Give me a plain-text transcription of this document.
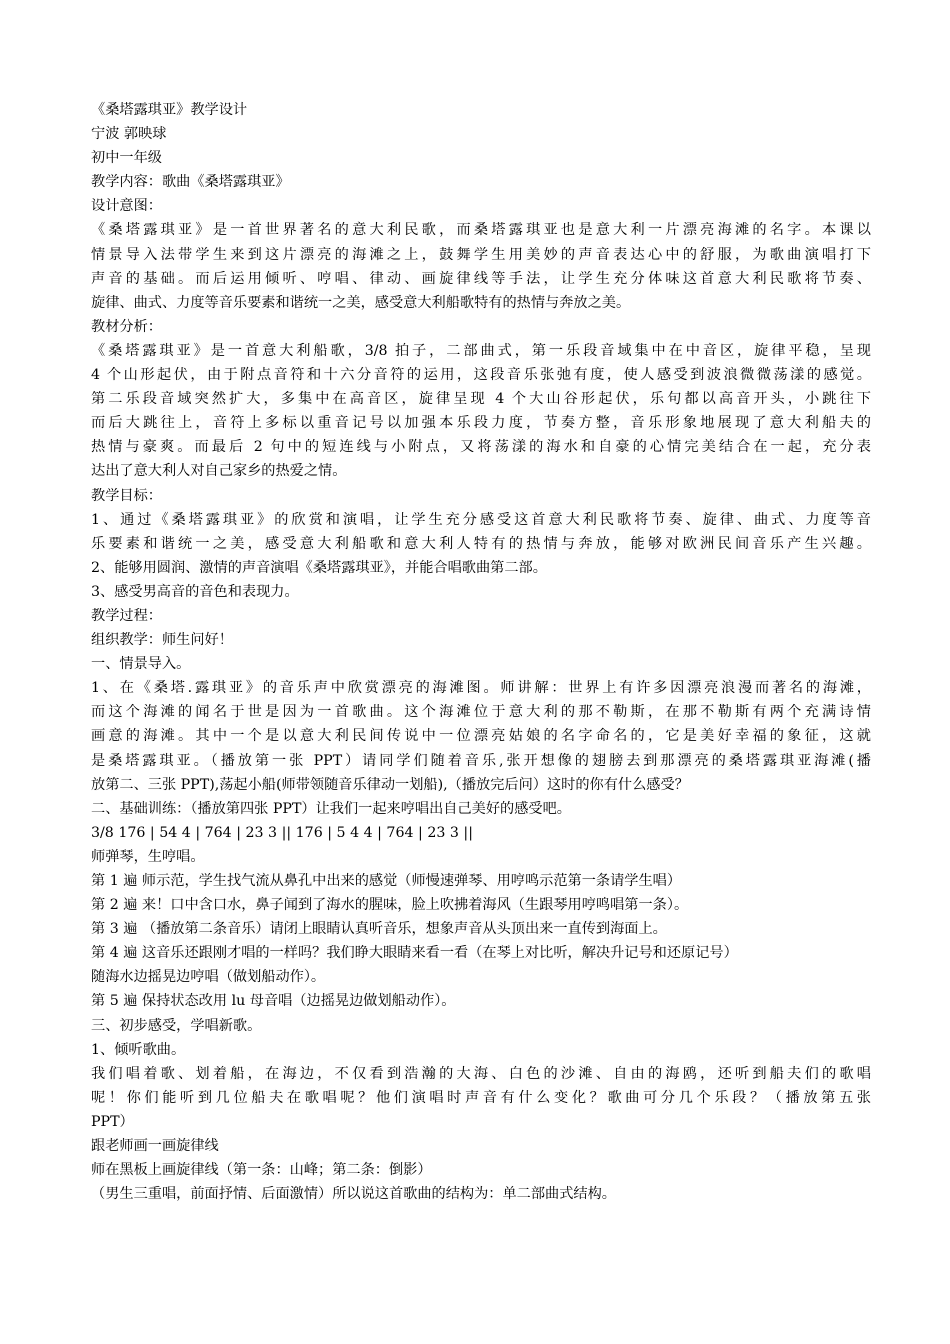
《桑塔露琪亚》教学设计
宁波 郭映球
初中一年级
教学内容：歌曲《桑塔露琪亚》
设计意图：
《桑塔露琪亚》是一首世界著名的意大利民歌，而桑塔露琪亚也是意大利一片漂亮海滩的名字。本课以
情景导入法带学生来到这片漂亮的海滩之上，鼓舞学生用美妙的声音表达心中的舒服，为歌曲演唱打下
声音的基础。而后运用倾听、哼唱、律动、画旋律线等手法，让学生充分体味这首意大利民歌将节奏、
旋律、曲式、力度等音乐要素和谐统一之美，感受意大利船歌特有的热情与奔放之美。
教材分析：
《桑塔露琪亚》是一首意大利船歌，3/8 拍子，二部曲式，第一乐段音域集中在中音区，旋律平稳，呈现
4 个山形起伏，由于附点音符和十六分音符的运用，这段音乐张弛有度，使人感受到波浪微微荡漾的感觉。
第二乐段音域突然扩大，多集中在高音区，旋律呈现 4 个大山谷形起伏，乐句都以高音开头，小跳往下
而后大跳往上，音符上多标以重音记号以加强本乐段力度，节奏方整，音乐形象地展现了意大利船夫的
热情与豪爽。而最后 2 句中的短连线与小附点，又将荡漾的海水和自豪的心情完美结合在一起，充分表
达出了意大利人对自己家乡的热爱之情。
教学目标：
1、通过《桑塔露琪亚》的欣赏和演唱，让学生充分感受这首意大利民歌将节奏、旋律、曲式、力度等音
乐要素和谐统一之美，感受意大利船歌和意大利人特有的热情与奔放，能够对欧洲民间音乐产生兴趣。
2、能够用圆润、激情的声音演唱《桑塔露琪亚》，并能合唱歌曲第二部。
3、感受男高音的音色和表现力。
教学过程：
组织教学：师生问好！
一、情景导入。
1、在《桑塔.露琪亚》的音乐声中欣赏漂亮的海滩图。师讲解：世界上有许多因漂亮浪漫而著名的海滩，
而这个海滩的闻名于世是因为一首歌曲。这个海滩位于意大利的那不勒斯，在那不勒斯有两个充满诗情
画意的海滩。其中一个是以意大利民间传说中一位漂亮姑娘的名字命名的，它是美好幸福的象征，这就
是桑塔露琪亚。（播放第一张 PPT）请同学们随着音乐,张开想像的翅膀去到那漂亮的桑塔露琪亚海滩(播
放第二、三张 PPT),荡起小船(师带领随音乐律动一划船),（播放完后问）这时的你有什么感受？
二、基础训练：（播放第四张 PPT）让我们一起来哼唱出自己美好的感受吧。
3/8 176 | 54 4 | 764 | 23 3 || 176 | 5 4 4 | 764 | 23 3 ||
师弹琴，生哼唱。
第 1 遍 师示范，学生找气流从鼻孔中出来的感觉（师慢速弹琴、用哼鸣示范第一条请学生唱）
第 2 遍 来！口中含口水，鼻子闻到了海水的腥味，脸上吹拂着海风（生跟琴用哼鸣唱第一条）。
第 3 遍 （播放第二条音乐）请闭上眼睛认真听音乐，想象声音从头顶出来一直传到海面上。
第 4 遍 这音乐还跟刚才唱的一样吗？我们睁大眼睛来看一看（在琴上对比听，解决升记号和还原记号）
随海水边摇晃边哼唱（做划船动作）。
第 5 遍 保持状态改用 lu 母音唱（边摇晃边做划船动作）。
三、初步感受，学唱新歌。
1、倾听歌曲。
我们唱着歌、划着船，在海边，不仅看到浩瀚的大海、白色的沙滩、自由的海鸥，还听到船夫们的歌唱
呢！你们能听到几位船夫在歌唱呢？他们演唱时声音有什么变化？歌曲可分几个乐段？（播放第五张
PPT）
跟老师画一画旋律线
师在黑板上画旋律线（第一条：山峰；第二条：倒影）
（男生三重唱，前面抒情、后面激情）所以说这首歌曲的结构为：单二部曲式结构。
